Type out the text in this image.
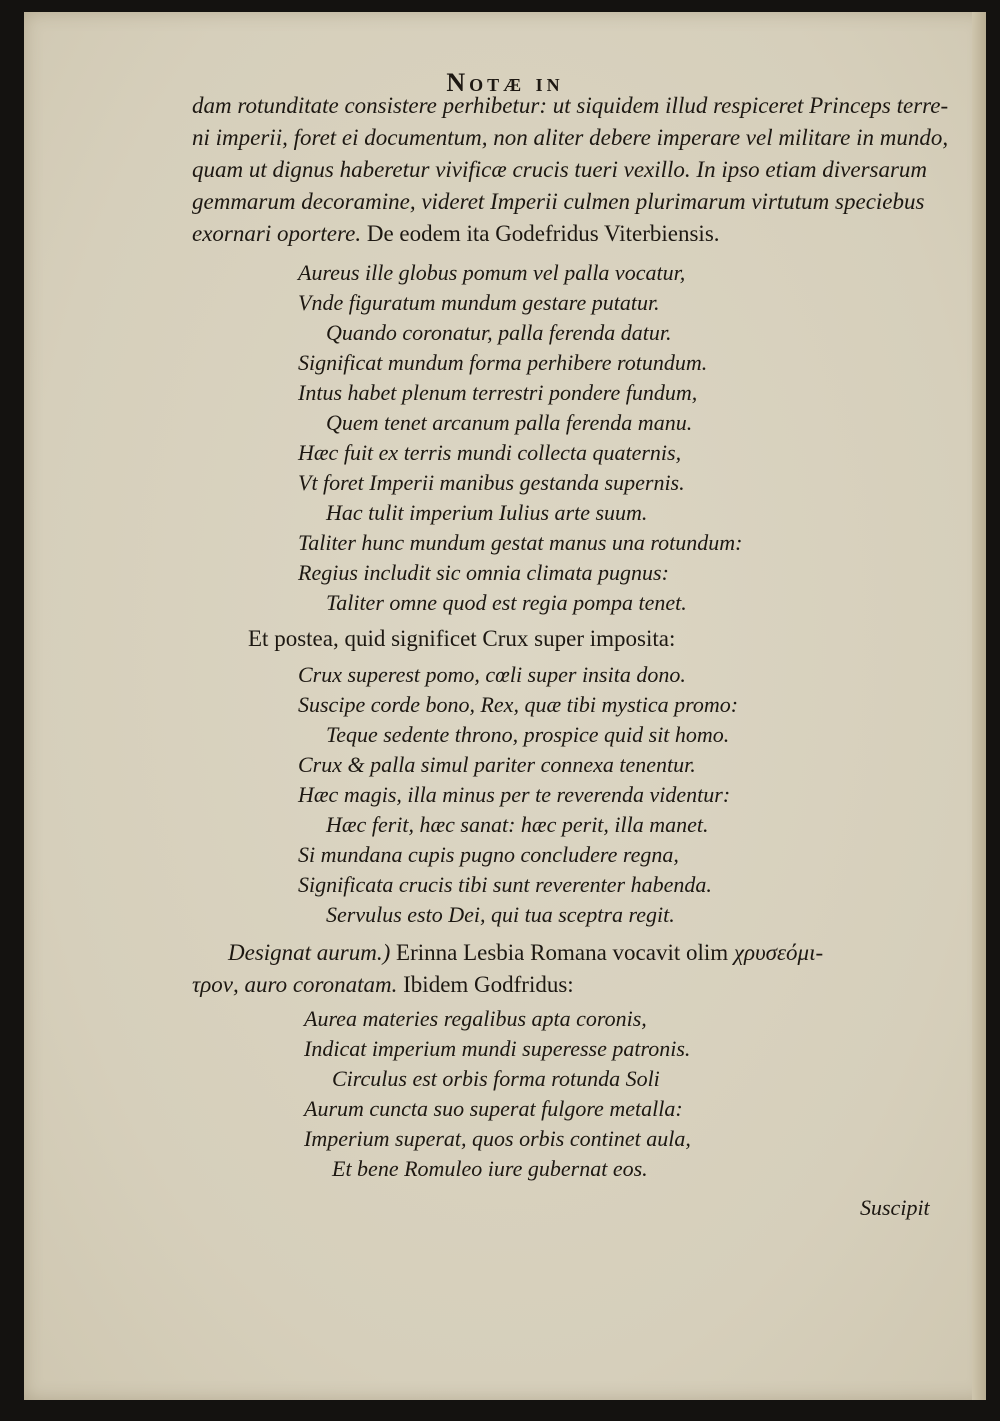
Notæ in
dam rotunditate consistere perhibetur: ut siquidem illud respiceret Princeps terre-
ni imperii, foret ei documentum, non aliter debere imperare vel militare in mundo,
quam ut dignus haberetur vivificæ crucis tueri vexillo. In ipso etiam diversarum
gemmarum decoramine, videret Imperii culmen plurimarum virtutum speciebus
exornari oportere. De eodem ita Godefridus Viterbiensis.
Aureus ille globus pomum vel palla vocatur,
Vnde figuratum mundum gestare putatur.
Quando coronatur, palla ferenda datur.
Significat mundum forma perhibere rotundum.
Intus habet plenum terrestri pondere fundum,
Quem tenet arcanum palla ferenda manu.
Hæc fuit ex terris mundi collecta quaternis,
Vt foret Imperii manibus gestanda supernis.
Hac tulit imperium Iulius arte suum.
Taliter hunc mundum gestat manus una rotundum:
Regius includit sic omnia climata pugnus:
Taliter omne quod est regia pompa tenet.
Et postea, quid significet Crux super imposita:
Crux superest pomo, cœli super insita dono.
Suscipe corde bono, Rex, quæ tibi mystica promo:
Teque sedente throno, prospice quid sit homo.
Crux & palla simul pariter connexa tenentur.
Hæc magis, illa minus per te reverenda videntur:
Hæc ferit, hæc sanat: hæc perit, illa manet.
Si mundana cupis pugno concludere regna,
Significata crucis tibi sunt reverenter habenda.
Servulus esto Dei, qui tua sceptra regit.
Designat aurum.) Erinna Lesbia Romana vocavit olim χρυσεόμι-
τρον, auro coronatam. Ibidem Godfridus:
Aurea materies regalibus apta coronis,
Indicat imperium mundi superesse patronis.
Circulus est orbis forma rotunda Soli
Aurum cuncta suo superat fulgore metalla:
Imperium superat, quos orbis continet aula,
Et bene Romuleo iure gubernat eos.
Suscipit
